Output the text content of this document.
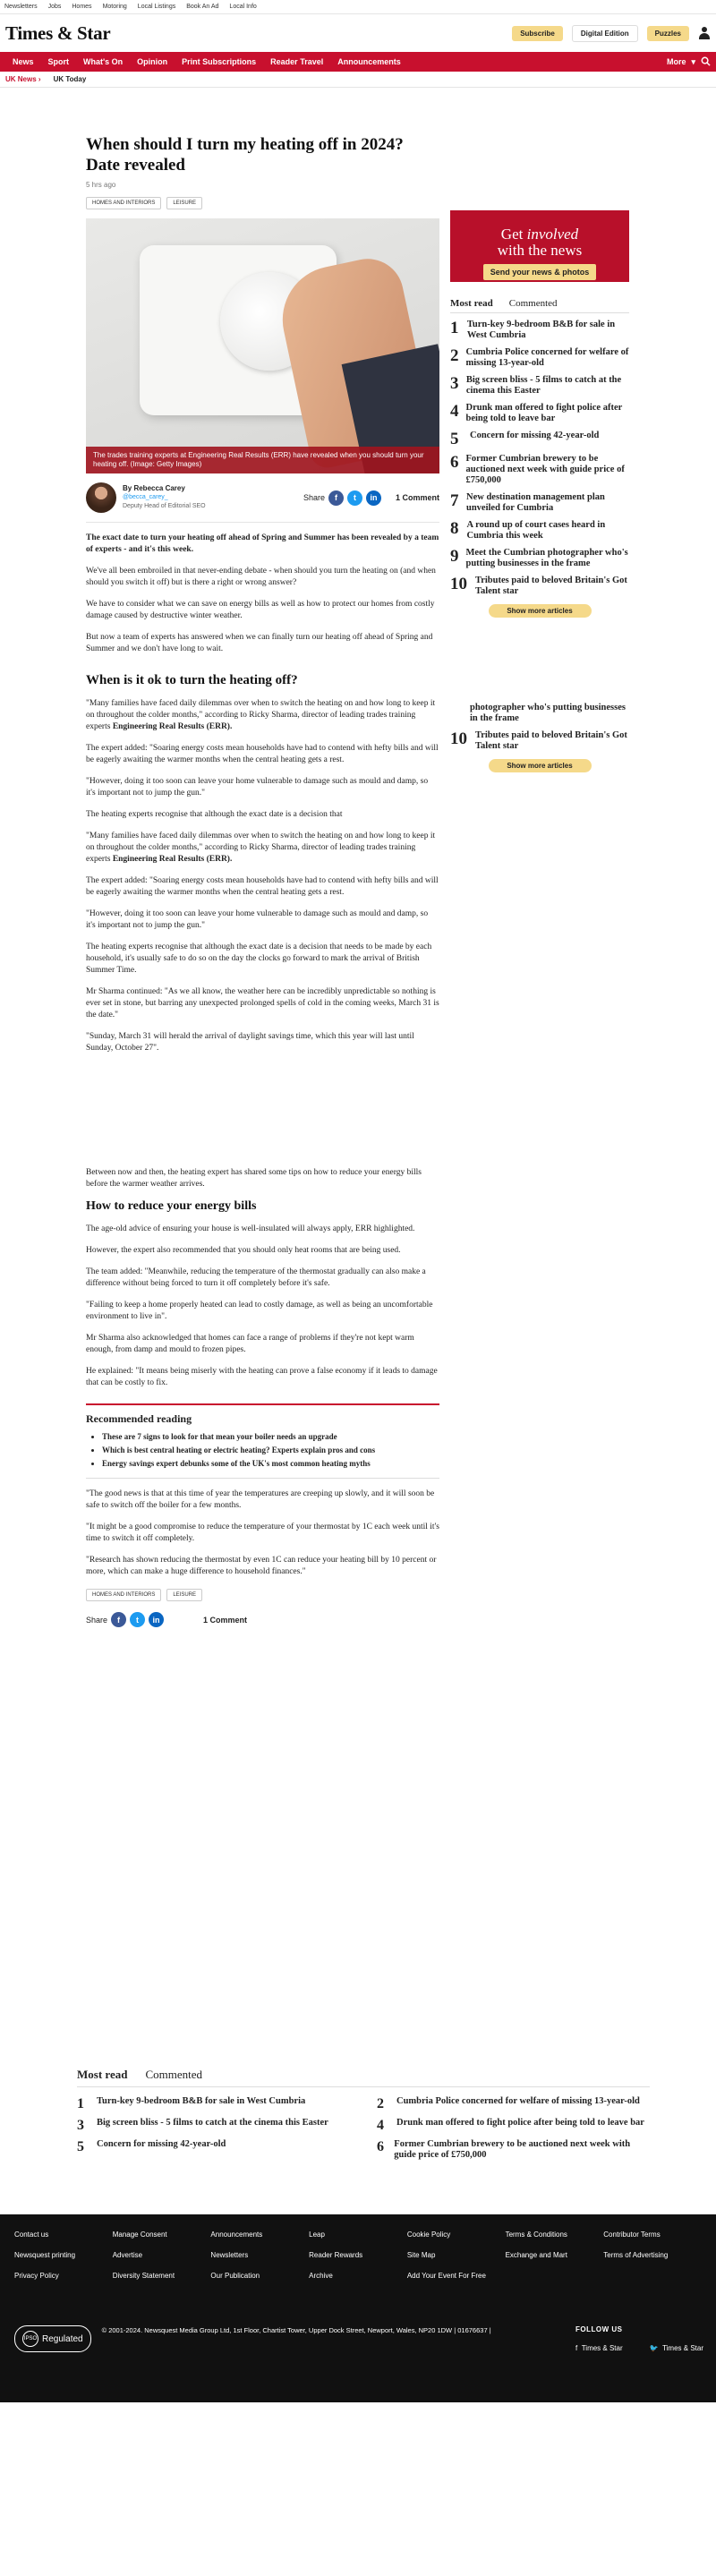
Newsletters Jobs Homes Motoring Local Listings Book An Ad Local Info
Times & Star	Subscribe	Digital Edition	Puzzles
News	Sport	What's On	Opinion	Print Subscriptions	Reader Travel	Announcements	More ▾
UK News › UK Today
When should I turn my heating off in 2024? Date revealed
5 hrs ago
HOMES AND INTERIORS	LEISURE
The trades training experts at Engineering Real Results (ERR) have revealed when you should turn your heating off. (Image: Getty Images)
By Rebecca Carey
@becca_carey_
Deputy Head of Editorial SEO
Share	f	t	in	1 Comment

The exact date to turn your heating off ahead of Spring and Summer has been revealed by a team of experts - and it's this week.

We've all been embroiled in that never-ending debate - when should you turn the heating on (and when should you switch it off) but is there a right or wrong answer?

We have to consider what we can save on energy bills as well as how to protect our homes from costly damage caused by destructive winter weather.

But now a team of experts has answered when we can finally turn our heating off ahead of Spring and Summer and we don't have long to wait.

When is it ok to turn the heating off?

"Many families have faced daily dilemmas over when to switch the heating on and how long to keep it on throughout the colder months," according to Ricky Sharma, director of leading trades training experts Engineering Real Results (ERR).

The expert added: "Soaring energy costs mean households have had to contend with hefty bills and will be eagerly awaiting the warmer months when the central heating gets a rest.

"However, doing it too soon can leave your home vulnerable to damage such as mould and damp, so it's important not to jump the gun."

The heating experts recognise that although the exact date is a decision that

"Many families have faced daily dilemmas over when to switch the heating on and how long to keep it on throughout the colder months," according to Ricky Sharma, director of leading trades training experts Engineering Real Results (ERR).

The expert added: "Soaring energy costs mean households have had to contend with hefty bills and will be eagerly awaiting the warmer months when the central heating gets a rest.

"However, doing it too soon can leave your home vulnerable to damage such as mould and damp, so it's important not to jump the gun."

The heating experts recognise that although the exact date is a decision that needs to be made by each household, it's usually safe to do so on the day the clocks go forward to mark the arrival of British Summer Time.

Mr Sharma continued: "As we all know, the weather here can be incredibly unpredictable so nothing is ever set in stone, but barring any unexpected prolonged spells of cold in the coming weeks, March 31 is the date."

"Sunday, March 31 will herald the arrival of daylight savings time, which this year will last until Sunday, October 27".

Between now and then, the heating expert has shared some tips on how to reduce your energy bills before the warmer weather arrives.

How to reduce your energy bills

The age-old advice of ensuring your house is well-insulated will always apply, ERR highlighted.

However, the expert also recommended that you should only heat rooms that are being used.

The team added: "Meanwhile, reducing the temperature of the thermostat gradually can also make a difference without being forced to turn it off completely before it's safe.

"Failing to keep a home properly heated can lead to costly damage, as well as being an uncomfortable environment to live in".

Mr Sharma also acknowledged that homes can face a range of problems if they're not kept warm enough, from damp and mould to frozen pipes.

He explained: "It means being miserly with the heating can prove a false economy if it leads to damage that can be costly to fix.

Recommended reading
• These are 7 signs to look for that mean your boiler needs an upgrade
• Which is best central heating or electric heating? Experts explain pros and cons
• Energy savings expert debunks some of the UK's most common heating myths

"The good news is that at this time of year the temperatures are creeping up slowly, and it will soon be safe to switch off the boiler for a few months.

"It might be a good compromise to reduce the temperature of your thermostat by 1C each week until it's time to switch it off completely.

"Research has shown reducing the thermostat by even 1C can reduce your heating bill by 10 percent or more, which can make a huge difference to household finances."

HOMES AND INTERIORS	LEISURE
Share	f	t	in	1 Comment
Get involved
with the news
Send your news & photos
Most read Commented
1 Turn-key 9-bedroom B&B for sale in West Cumbria
2 Cumbria Police concerned for welfare of missing 13-year-old
3 Big screen bliss - 5 films to catch at the cinema this Easter
4 Drunk man offered to fight police after being told to leave bar
5	Concern for missing 42-year-old
6 Former Cumbrian brewery to be auctioned next week with guide price of £750,000
7 New destination management plan unveiled for Cumbria
8 A round up of court cases heard in Cumbria this week
9 Meet the Cumbrian photographer who's putting businesses in the frame
10 Tributes paid to beloved Britain's Got Talent star
Show more articles
photographer who's putting businesses in the frame
10 Tributes paid to beloved Britain's Got Talent star
Show more articles
Most read Commented
1	Turn-key 9-bedroom B&B for sale in West Cumbria	2	Cumbria Police concerned for welfare of missing 13-year-old
3	Big screen bliss - 5 films to catch at the cinema this Easter	4	Drunk man offered to fight police after being told to leave bar
5	Concern for missing 42-year-old	6 Former Cumbrian brewery to be auctioned next week with guide price of £750,000
Contact us	Manage Consent	Announcements	Leap	Cookie Policy	Terms & Conditions	Contributor Terms
Newsquest printing	Advertise	Newsletters	Reader Rewards	Site Map	Exchange and Mart	Terms of Advertising
Privacy Policy	Diversity Statement	Our Publication	Archive	Add Your Event For Free
IPSO Regulated
© 2001-2024. Newsquest Media Group Ltd, 1st Floor, Chartist Tower, Upper Dock Street, Newport, Wales, NP20 1DW | 01676637 |	FOLLOW US
f Times & Star	🐦 Times & Star
